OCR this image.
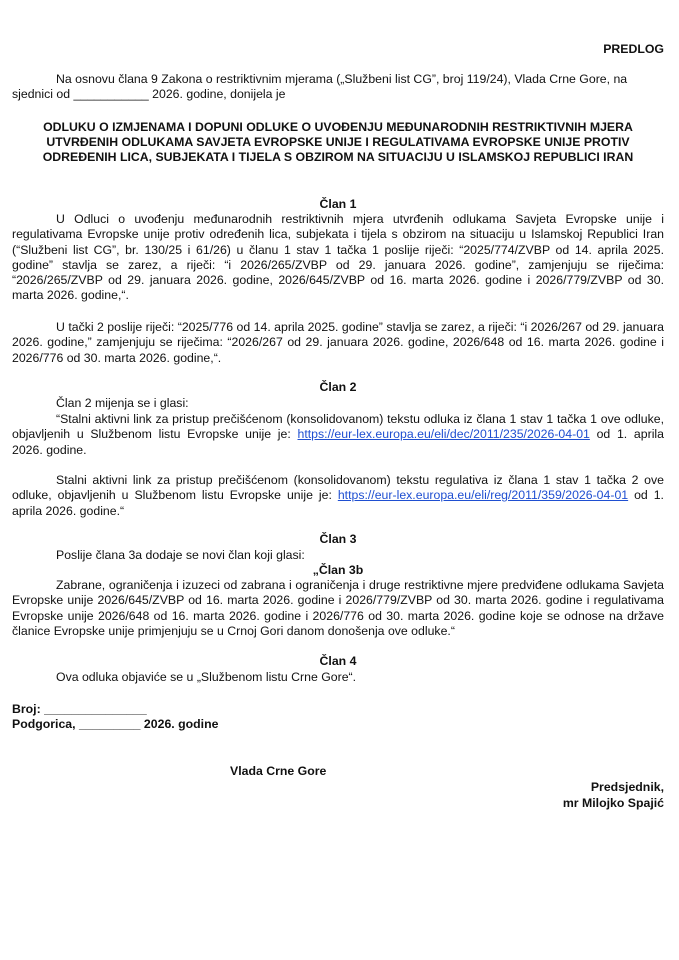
PREDLOG

Na osnovu člana 9 Zakona o restriktivnim mjerama („Službeni list CG”, broj 119/24), Vlada Crne Gore, na sjednici od ___________ 2026. godine, donijela je

ODLUKU O IZMJENAMA I DOPUNI ODLUKE O UVOĐENJU MEĐUNARODNIH RESTRIKTIVNIH MJERA

UTVRĐENIH ODLUKAMA SAVJETA EVROPSKE UNIJE I REGULATIVAMA EVROPSKE UNIJE PROTIV

ODREĐENIH LICA, SUBJEKATA I TIJELA S OBZIROM NA SITUACIJU U ISLAMSKOJ REPUBLICI IRAN

Član 1

U Odluci o uvođenju međunarodnih restriktivnih mjera utvrđenih odlukama Savjeta Evropske unije i regulativama Evropske unije protiv određenih lica, subjekata i tijela s obzirom na situaciju u Islamskoj Republici Iran (“Službeni list CG”, br. 130/25 i 61/26) u članu 1 stav 1 tačka 1 poslije riječi: “2025/774/ZVBP od 14. aprila 2025. godine” stavlja se zarez, a riječi: “i 2026/265/ZVBP od 29. januara 2026. godine”, zamjenjuju se riječima: “2026/265/ZVBP od 29. januara 2026. godine, 2026/645/ZVBP od 16. marta 2026. godine i 2026/779/ZVBP od 30. marta 2026. godine,“.

U tački 2 poslije riječi: “2025/776 od 14. aprila 2025. godine” stavlja se zarez, a riječi: “i 2026/267 od 29. januara 2026. godine,” zamjenjuju se riječima: “2026/267 od 29. januara 2026. godine, 2026/648 od 16. marta 2026. godine i 2026/776 od 30. marta 2026. godine,“.

Član 2

Član 2 mijenja se i glasi:

“Stalni aktivni link za pristup prečišćenom (konsolidovanom) tekstu odluka iz člana 1 stav 1 tačka 1 ove odluke, objavljenih u Službenom listu Evropske unije je: https://eur-lex.europa.eu/eli/dec/2011/235/2026-04-01 od 1. aprila 2026. godine.

Stalni aktivni link za pristup prečišćenom (konsolidovanom) tekstu regulativa iz člana 1 stav 1 tačka 2 ove odluke, objavljenih u Službenom listu Evropske unije je: https://eur-lex.europa.eu/eli/reg/2011/359/2026-04-01 od 1. aprila 2026. godine.“

Član 3

Poslije člana 3a dodaje se novi član koji glasi:

„Član 3b

Zabrane, ograničenja i izuzeci od zabrana i ograničenja i druge restriktivne mjere predviđene odlukama Savjeta Evropske unije 2026/645/ZVBP od 16. marta 2026. godine i 2026/779/ZVBP od 30. marta 2026. godine i regulativama Evropske unije 2026/648 od 16. marta 2026. godine i 2026/776 od 30. marta 2026. godine koje se odnose na države članice Evropske unije primjenjuju se u Crnoj Gori danom donošenja ove odluke.“

Član 4

Ova odluka objaviće se u „Službenom listu Crne Gore“.

Broj: _______________

Podgorica, _________ 2026. godine

Vlada Crne Gore

Predsjednik,

mr Milojko Spajić
